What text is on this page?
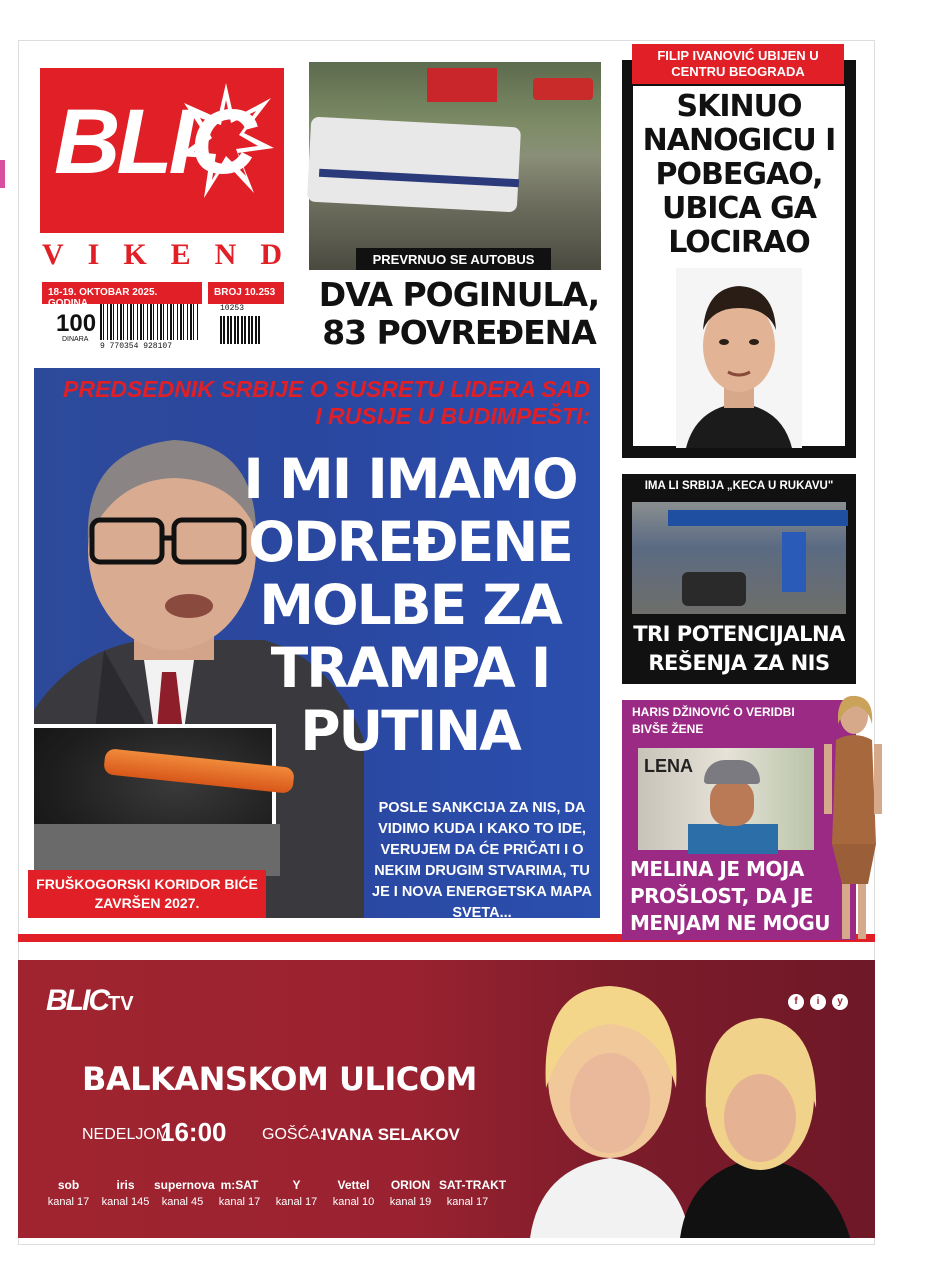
BLIC
VIKEND
18-19. OKTOBAR 2025. GODINA
BROJ 10.253
100
DINARA
9 770354 928107
10253
PREVRNUO SE AUTOBUS
DVA POGINULA, 83 POVREĐENA
FILIP IVANOVIĆ UBIJEN U CENTRU BEOGRADA
SKINUO NANOGICU I POBEGAO, UBICA GA LOCIRAO
PREDSEDNIK SRBIJE O SUSRETU LIDERA SAD I RUSIJE U BUDIMPEŠTI:
I MI IMAMO ODREĐENE MOLBE ZA TRAMPA I PUTINA
POSLE SANKCIJA ZA NIS, DA VIDIMO KUDA I KAKO TO IDE, VERUJEM DA ĆE PRIČATI I O NEKIM DRUGIM STVARIMA, TU JE I NOVA ENERGETSKA MAPA SVETA...
FRUŠKOGORSKI KORIDOR BIĆE ZAVRŠEN 2027.
IMA LI SRBIJA „KECA U RUKAVU"
TRI POTENCIJALNA REŠENJA ZA NIS
HARIS DŽINOVIĆ O VERIDBI BIVŠE ŽENE
LENA
MELINA JE MOJA PROŠLOST, DA JE MENJAM NE MOGU
BLICTV	f	i	y
BALKANSKOM ULICOM
NEDELJOM
16:00 GOŠĆA:
IVANA SELAKOV
sob
kanal 17
iris
kanal 145
supernova
kanal 45
m:SAT
kanal 17
Y
kanal 17
Vettel
kanal 10
ORION
kanal 19
SAT-TRAKT
kanal 17
